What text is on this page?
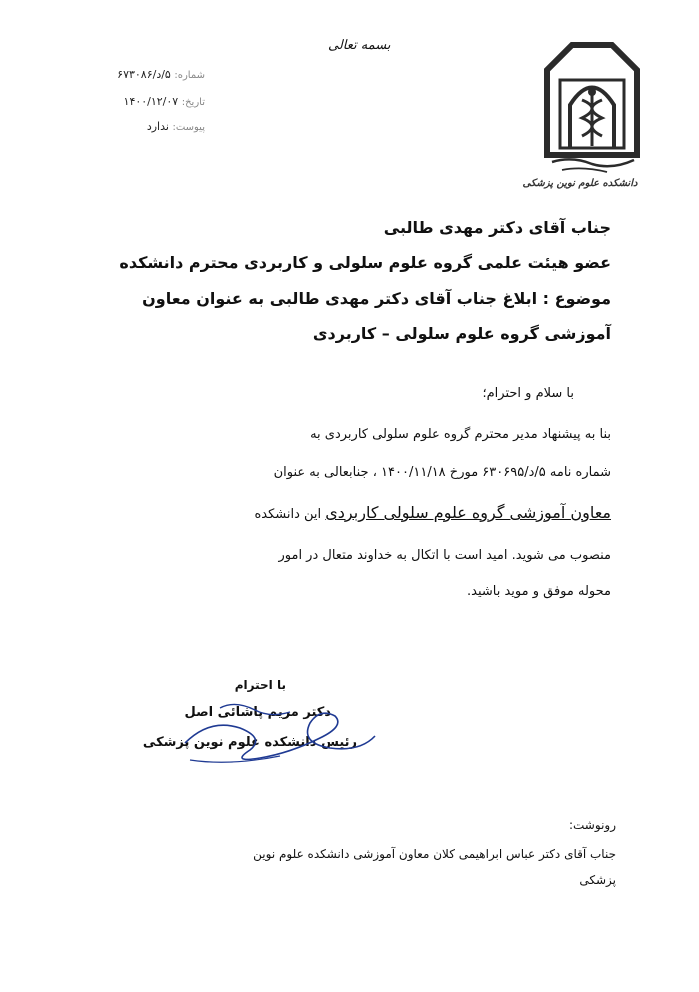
بسمه تعالی
شماره: ۵/د/۶۷۳۰۸۶
تاریخ: ۱۴۰۰/۱۲/۰۷
پیوست: ندارد
دانشکده علوم نوین پزشکی
جناب آقای دکتر مهدی طالبی
عضو هیئت علمی گروه علوم سلولی و کاربردی محترم دانشکده
موضوع : ابلاغ جناب آقای دکتر مهدی طالبی به عنوان معاون
آموزشی گروه علوم سلولی – کاربردی
با سلام و احترام؛
بنا به پیشنهاد مدیر محترم گروه علوم سلولی کاربردی به
شماره نامه ۵/د/۶۳۰۶۹۵ مورخ ۱۴۰۰/۱۱/۱۸ ، جنابعالی به عنوان
معاون آموزشی گروه علوم سلولی کاربردی این دانشکده
منصوب می شوید. امید است با اتکال به خداوند متعال در امور
محوله موفق و موید باشید.
با احترام
دکتر مریم پاشائی اصل
رئیس دانشکده علوم نوین پزشکی
رونوشت:
جناب آقای دکتر عباس ابراهیمی کلان معاون آموزشی دانشکده علوم نوین
پزشکی
